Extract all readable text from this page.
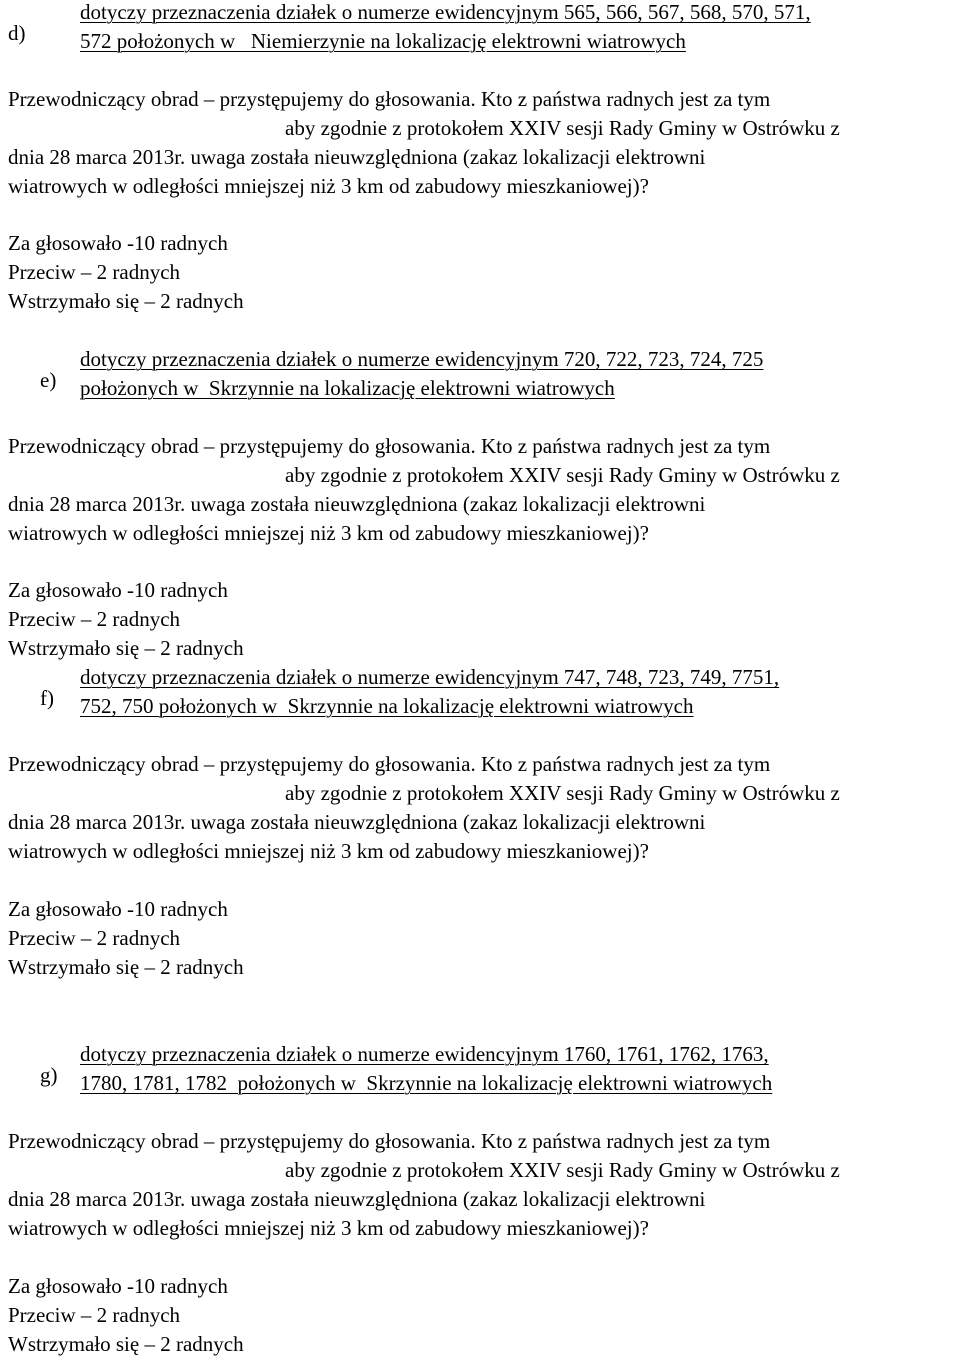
d)

dotyczy przeznaczenia działek o numerze ewidencyjnym 565, 566, 567, 568, 570, 571,

572 położonych w   Niemierzynie na lokalizację elektrowni wiatrowych

Przewodniczący obrad – przystępujemy do głosowania. Kto z państwa radnych jest za tym
aby zgodnie z protokołem XXIV sesji Rady Gminy w Ostrówku z
dnia 28 marca 2013r. uwaga została nieuwzględniona (zakaz lokalizacji elektrowni
wiatrowych w odległości mniejszej niż 3 km od zabudowy mieszkaniowej)?
Za głosowało -10 radnych
Przeciw – 2 radnych
Wstrzymało się – 2 radnych

e)

dotyczy przeznaczenia działek o numerze ewidencyjnym 720, 722, 723, 724, 725

położonych w  Skrzynnie na lokalizację elektrowni wiatrowych

Przewodniczący obrad – przystępujemy do głosowania. Kto z państwa radnych jest za tym
aby zgodnie z protokołem XXIV sesji Rady Gminy w Ostrówku z
dnia 28 marca 2013r. uwaga została nieuwzględniona (zakaz lokalizacji elektrowni
wiatrowych w odległości mniejszej niż 3 km od zabudowy mieszkaniowej)?
Za głosowało -10 radnych
Przeciw – 2 radnych
Wstrzymało się – 2 radnych

f)

dotyczy przeznaczenia działek o numerze ewidencyjnym 747, 748, 723, 749, 7751,

752, 750 położonych w  Skrzynnie na lokalizację elektrowni wiatrowych

Przewodniczący obrad – przystępujemy do głosowania. Kto z państwa radnych jest za tym
aby zgodnie z protokołem XXIV sesji Rady Gminy w Ostrówku z
dnia 28 marca 2013r. uwaga została nieuwzględniona (zakaz lokalizacji elektrowni
wiatrowych w odległości mniejszej niż 3 km od zabudowy mieszkaniowej)?
Za głosowało -10 radnych
Przeciw – 2 radnych
Wstrzymało się – 2 radnych

g)

dotyczy przeznaczenia działek o numerze ewidencyjnym 1760, 1761, 1762, 1763,

1780, 1781, 1782  położonych w  Skrzynnie na lokalizację elektrowni wiatrowych

Przewodniczący obrad – przystępujemy do głosowania. Kto z państwa radnych jest za tym
aby zgodnie z protokołem XXIV sesji Rady Gminy w Ostrówku z
dnia 28 marca 2013r. uwaga została nieuwzględniona (zakaz lokalizacji elektrowni
wiatrowych w odległości mniejszej niż 3 km od zabudowy mieszkaniowej)?
Za głosowało -10 radnych
Przeciw – 2 radnych
Wstrzymało się – 2 radnych
